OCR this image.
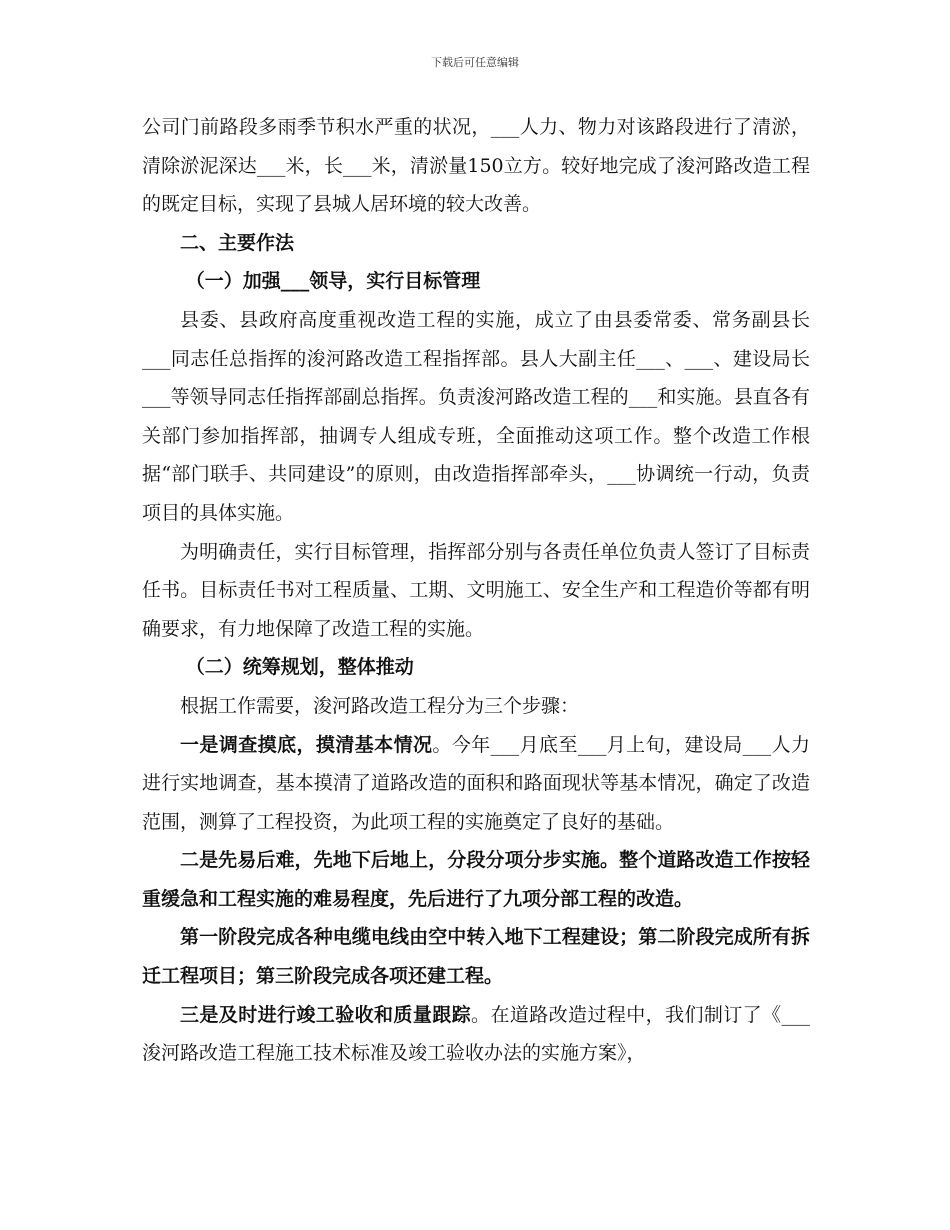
下载后可任意编辑

公司门前路段多雨季节积水严重的状况，___人力、物力对该路段进行了清淤，清除淤泥深达___米，长___米，清淤量150立方。较好地完成了浚河路改造工程的既定目标，实现了县城人居环境的较大改善。

二、主要作法

（一）加强___领导，实行目标管理

县委、县政府高度重视改造工程的实施，成立了由县委常委、常务副县长___同志任总指挥的浚河路改造工程指挥部。县人大副主任___、___、建设局长___等领导同志任指挥部副总指挥。负责浚河路改造工程的___和实施。县直各有关部门参加指挥部，抽调专人组成专班，全面推动这项工作。整个改造工作根据“部门联手、共同建设”的原则，由改造指挥部牵头，___协调统一行动，负责项目的具体实施。

为明确责任，实行目标管理，指挥部分别与各责任单位负责人签订了目标责任书。目标责任书对工程质量、工期、文明施工、安全生产和工程造价等都有明确要求，有力地保障了改造工程的实施。

（二）统筹规划，整体推动

根据工作需要，浚河路改造工程分为三个步骤：

一是调查摸底，摸清基本情况。今年___月底至___月上旬，建设局___人力进行实地调查，基本摸清了道路改造的面积和路面现状等基本情况，确定了改造范围，测算了工程投资，为此项工程的实施奠定了良好的基础。

二是先易后难，先地下后地上，分段分项分步实施。整个道路改造工作按轻重缓急和工程实施的难易程度，先后进行了九项分部工程的改造。

第一阶段完成各种电缆电线由空中转入地下工程建设；第二阶段完成所有拆迁工程项目；第三阶段完成各项还建工程。

三是及时进行竣工验收和质量跟踪。在道路改造过程中，我们制订了《___浚河路改造工程施工技术标准及竣工验收办法的实施方案》，
